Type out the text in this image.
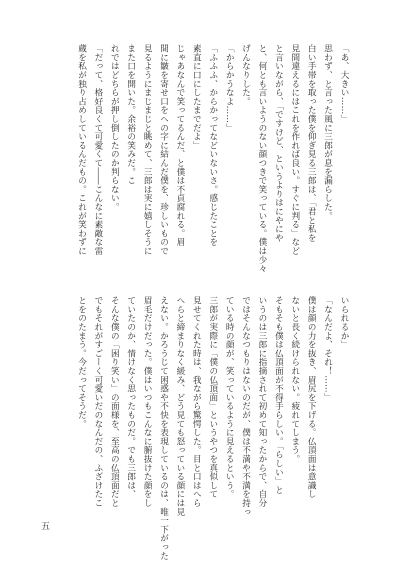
「あ、大きい……」
思わず、と言った風に三郎が息を漏らした。
白い手帯を取った僕を仰ぎ見る三郎は、「君と私を
見間違えるにはこれを作れば良い。すぐに判る」など
と言いながら、「ですけど、というよりはにやにや
と、何とも言いようのない顔つきで笑っている。僕は少々
げんなりした。
「からかうなよ……」
「ふふふ、からかってなどいないさ。感じたことを
素直に口にしたまでだよ」
じゃあなんで笑ってるんだ、と僕は不貞腐れる。眉
間に皺を寄せ口をへの字に結んだ僕を、珍しいもので
見るようにまじまじと眺めて、三郎は実に嬉しそうに
また口を開いた。余裕の笑みだ。こ
れではどちらが押し倒したのか判らない。
「だって、格好良くて可愛くて――こんなに素敵な雷
蔵を私が独り占めしているんだもの。これが笑わずに
いられるか」
「なんだよ、それ！……」
僕は顔の力を抜き、眉尻を下げる。仏頂面は意識し
ないと長く続けられない。疲れてしまう。
そもそも僕は仏頂面が不得手らしい。「らしい」と
いうのは三郎に指摘されて初めて知ったからで、自分
ではそんなつもりはないのだが、僕は不満や不満を持っ
ている時の顔が、笑っているように見えるという。
三郎が実際に「僕の仏頂面」というやつを真似して
見せてくれた時は、我ながら驚愕した。目と口はへら
へらと締まりなく緩み、どう見ても怒っている顔には見
えない。かろうじて困惑や不快を表現しているのは、唯一下がった
眉毛だけだった。僕はいつもこんなに腑抜けた顔をし
ていたのか、情けなく思ったものだ。でも三郎は、
そんな僕の「困り笑い」の面様を、至高の仏頂面だと
でもそれがすごーく可愛いだのなんだの、ふざけたこ
とをのたまう。今だってそうだ。
五
